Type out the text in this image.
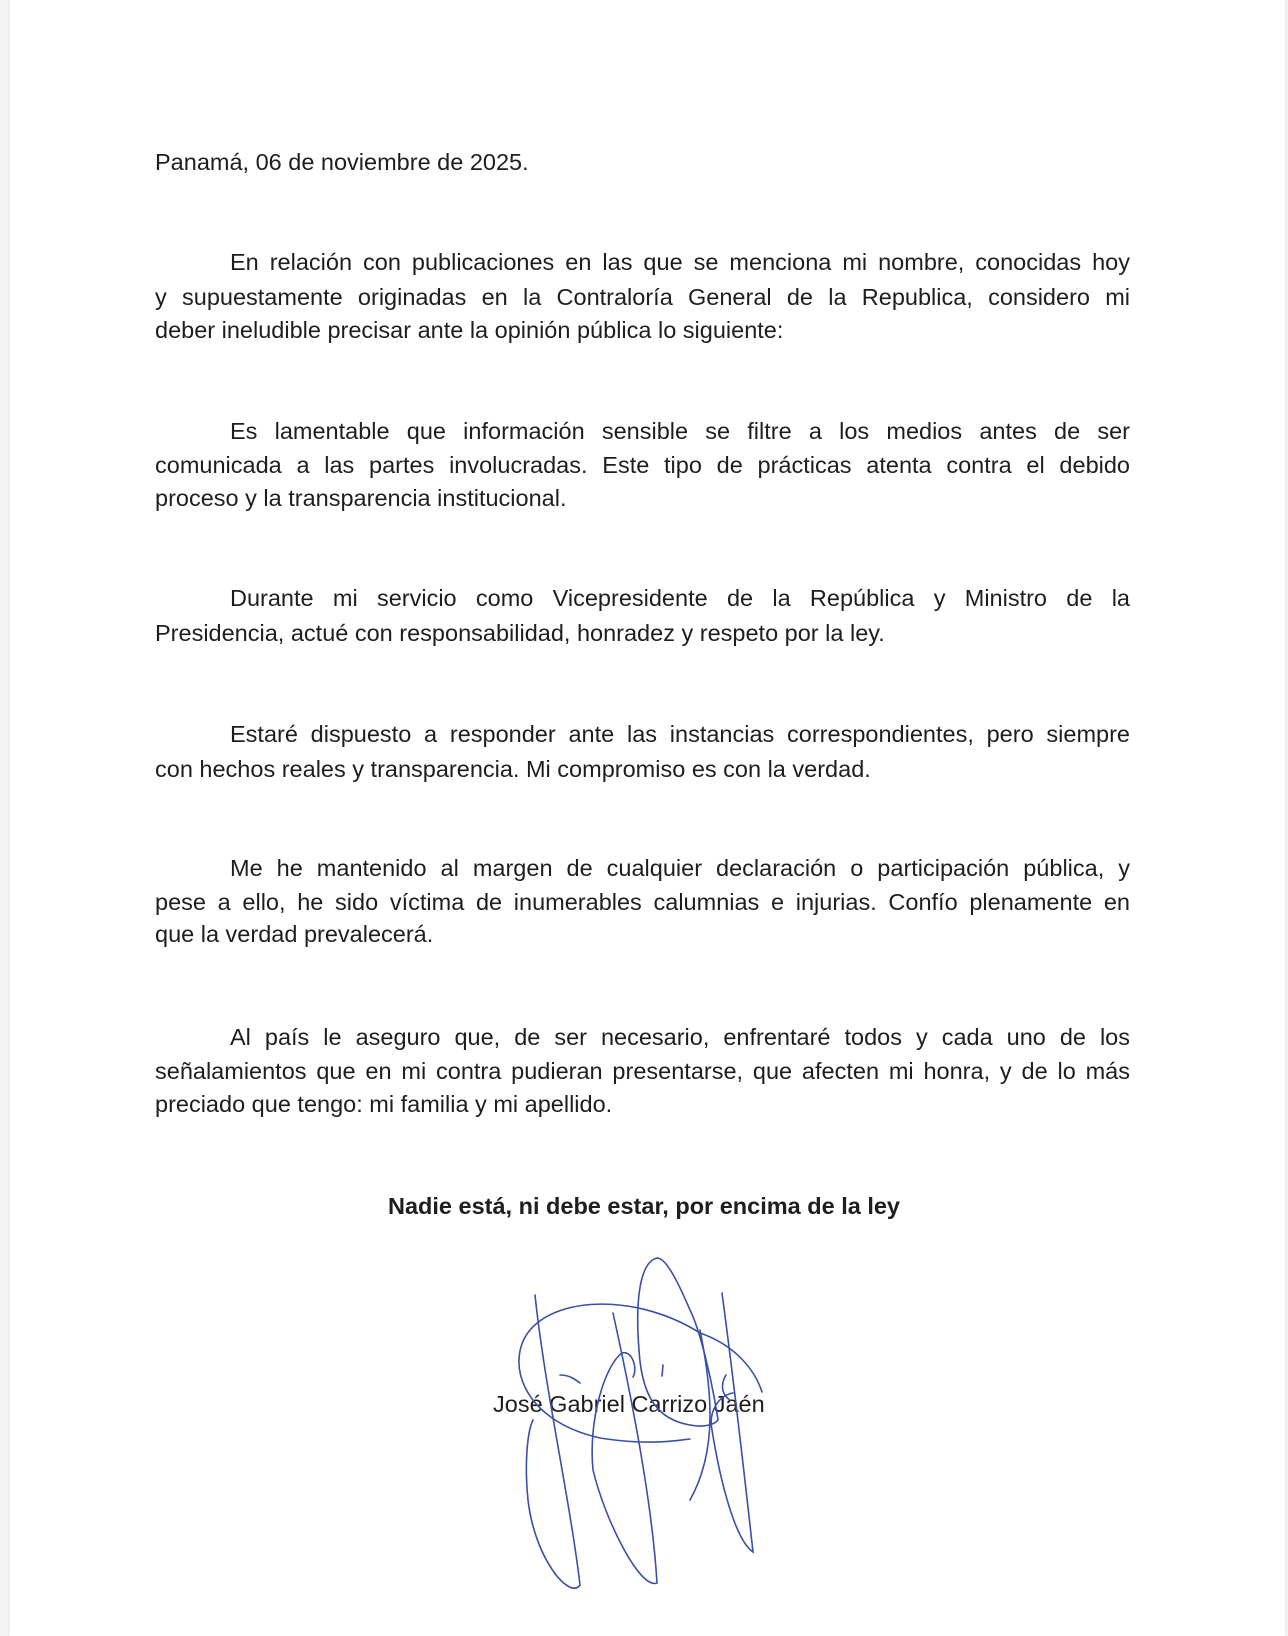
Panamá, 06 de noviembre de 2025.
En relación con publicaciones en las que se menciona mi nombre, conocidas hoy
y supuestamente originadas en la Contraloría General de la Republica, considero mi
deber ineludible precisar ante la opinión pública lo siguiente:
Es lamentable que información sensible se filtre a los medios antes de ser
comunicada a las partes involucradas. Este tipo de prácticas atenta contra el debido
proceso y la transparencia institucional.
Durante mi servicio como Vicepresidente de la República y Ministro de la
Presidencia, actué con responsabilidad, honradez y respeto por la ley.
Estaré dispuesto a responder ante las instancias correspondientes, pero siempre
con hechos reales y transparencia. Mi compromiso es con la verdad.
Me he mantenido al margen de cualquier declaración o participación pública, y
pese a ello, he sido víctima de inumerables calumnias e injurias. Confío plenamente en
que la verdad prevalecerá.
Al país le aseguro que, de ser necesario, enfrentaré todos y cada uno de los
señalamientos que en mi contra pudieran presentarse, que afecten mi honra, y de lo más
preciado que tengo: mi familia y mi apellido.
Nadie está, ni debe estar, por encima de la ley
José Gabriel Carrizo Jaén
